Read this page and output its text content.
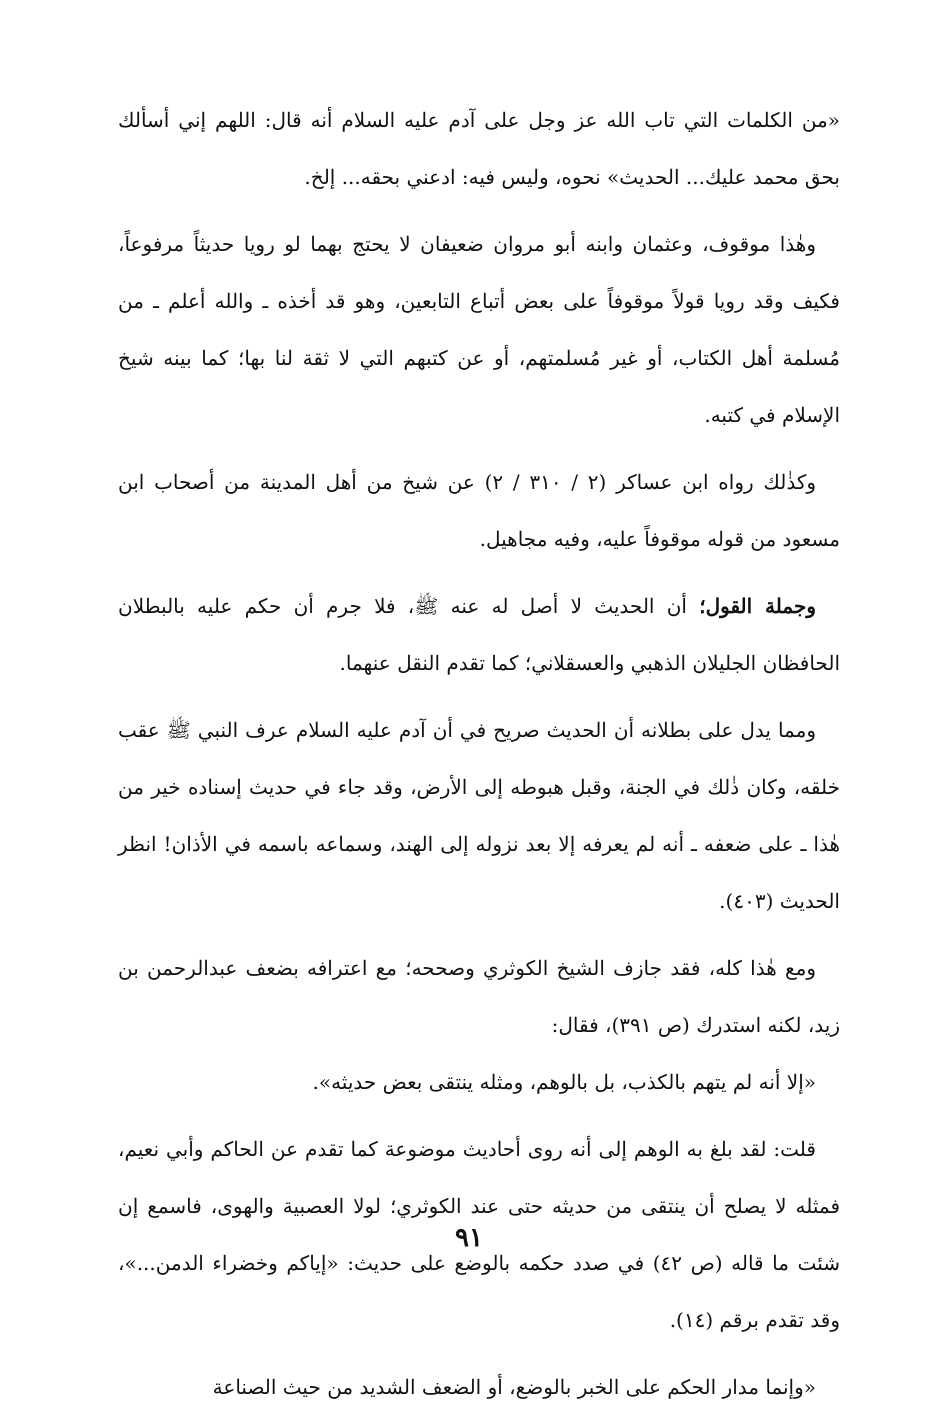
«من الكلمات التي تاب الله عز وجل على آدم عليه السلام أنه قال: اللهم إني أسألك بحق محمد عليك... الحديث» نحوه، وليس فيه: ادعني بحقه... إلخ.

وهٰذا موقوف، وعثمان وابنه أبو مروان ضعيفان لا يحتج بهما لو رويا حديثاً مرفوعاً، فكيف وقد رويا قولاً موقوفاً على بعض أتباع التابعين، وهو قد أخذه ـ والله أعلم ـ من مُسلمة أهل الكتاب، أو غير مُسلمتهم، أو عن كتبهم التي لا ثقة لنا بها؛ كما بينه شيخ الإسلام في كتبه.

وكذٰلك رواه ابن عساكر (٢ / ٣١٠ / ٢) عن شيخ من أهل المدينة من أصحاب ابن مسعود من قوله موقوفاً عليه، وفيه مجاهيل.

وجملة القول؛ أن الحديث لا أصل له عنه ﷺ، فلا جرم أن حكم عليه بالبطلان الحافظان الجليلان الذهبي والعسقلاني؛ كما تقدم النقل عنهما.

ومما يدل على بطلانه أن الحديث صريح في أن آدم عليه السلام عرف النبي ﷺ عقب خلقه، وكان ذٰلك في الجنة، وقبل هبوطه إلى الأرض، وقد جاء في حديث إسناده خير من هٰذا ـ على ضعفه ـ أنه لم يعرفه إلا بعد نزوله إلى الهند، وسماعه باسمه في الأذان! انظر الحديث (٤٠٣).

ومع هٰذا كله، فقد جازف الشيخ الكوثري وصححه؛ مع اعترافه بضعف عبدالرحمن بن زيد، لكنه استدرك (ص ٣٩١)، فقال:

«إلا أنه لم يتهم بالكذب، بل بالوهم، ومثله ينتقى بعض حديثه».

قلت: لقد بلغ به الوهم إلى أنه روى أحاديث موضوعة كما تقدم عن الحاكم وأبي نعيم، فمثله لا يصلح أن ينتقى من حديثه حتى عند الكوثري؛ لولا العصبية والهوى، فاسمع إن شئت ما قاله (ص ٤٢) في صدد حكمه بالوضع على حديث: «إياكم وخضراء الدمن...»، وقد تقدم برقم (١٤).

«وإنما مدار الحكم على الخبر بالوضع، أو الضعف الشديد من حيث الصناعة

٩١
